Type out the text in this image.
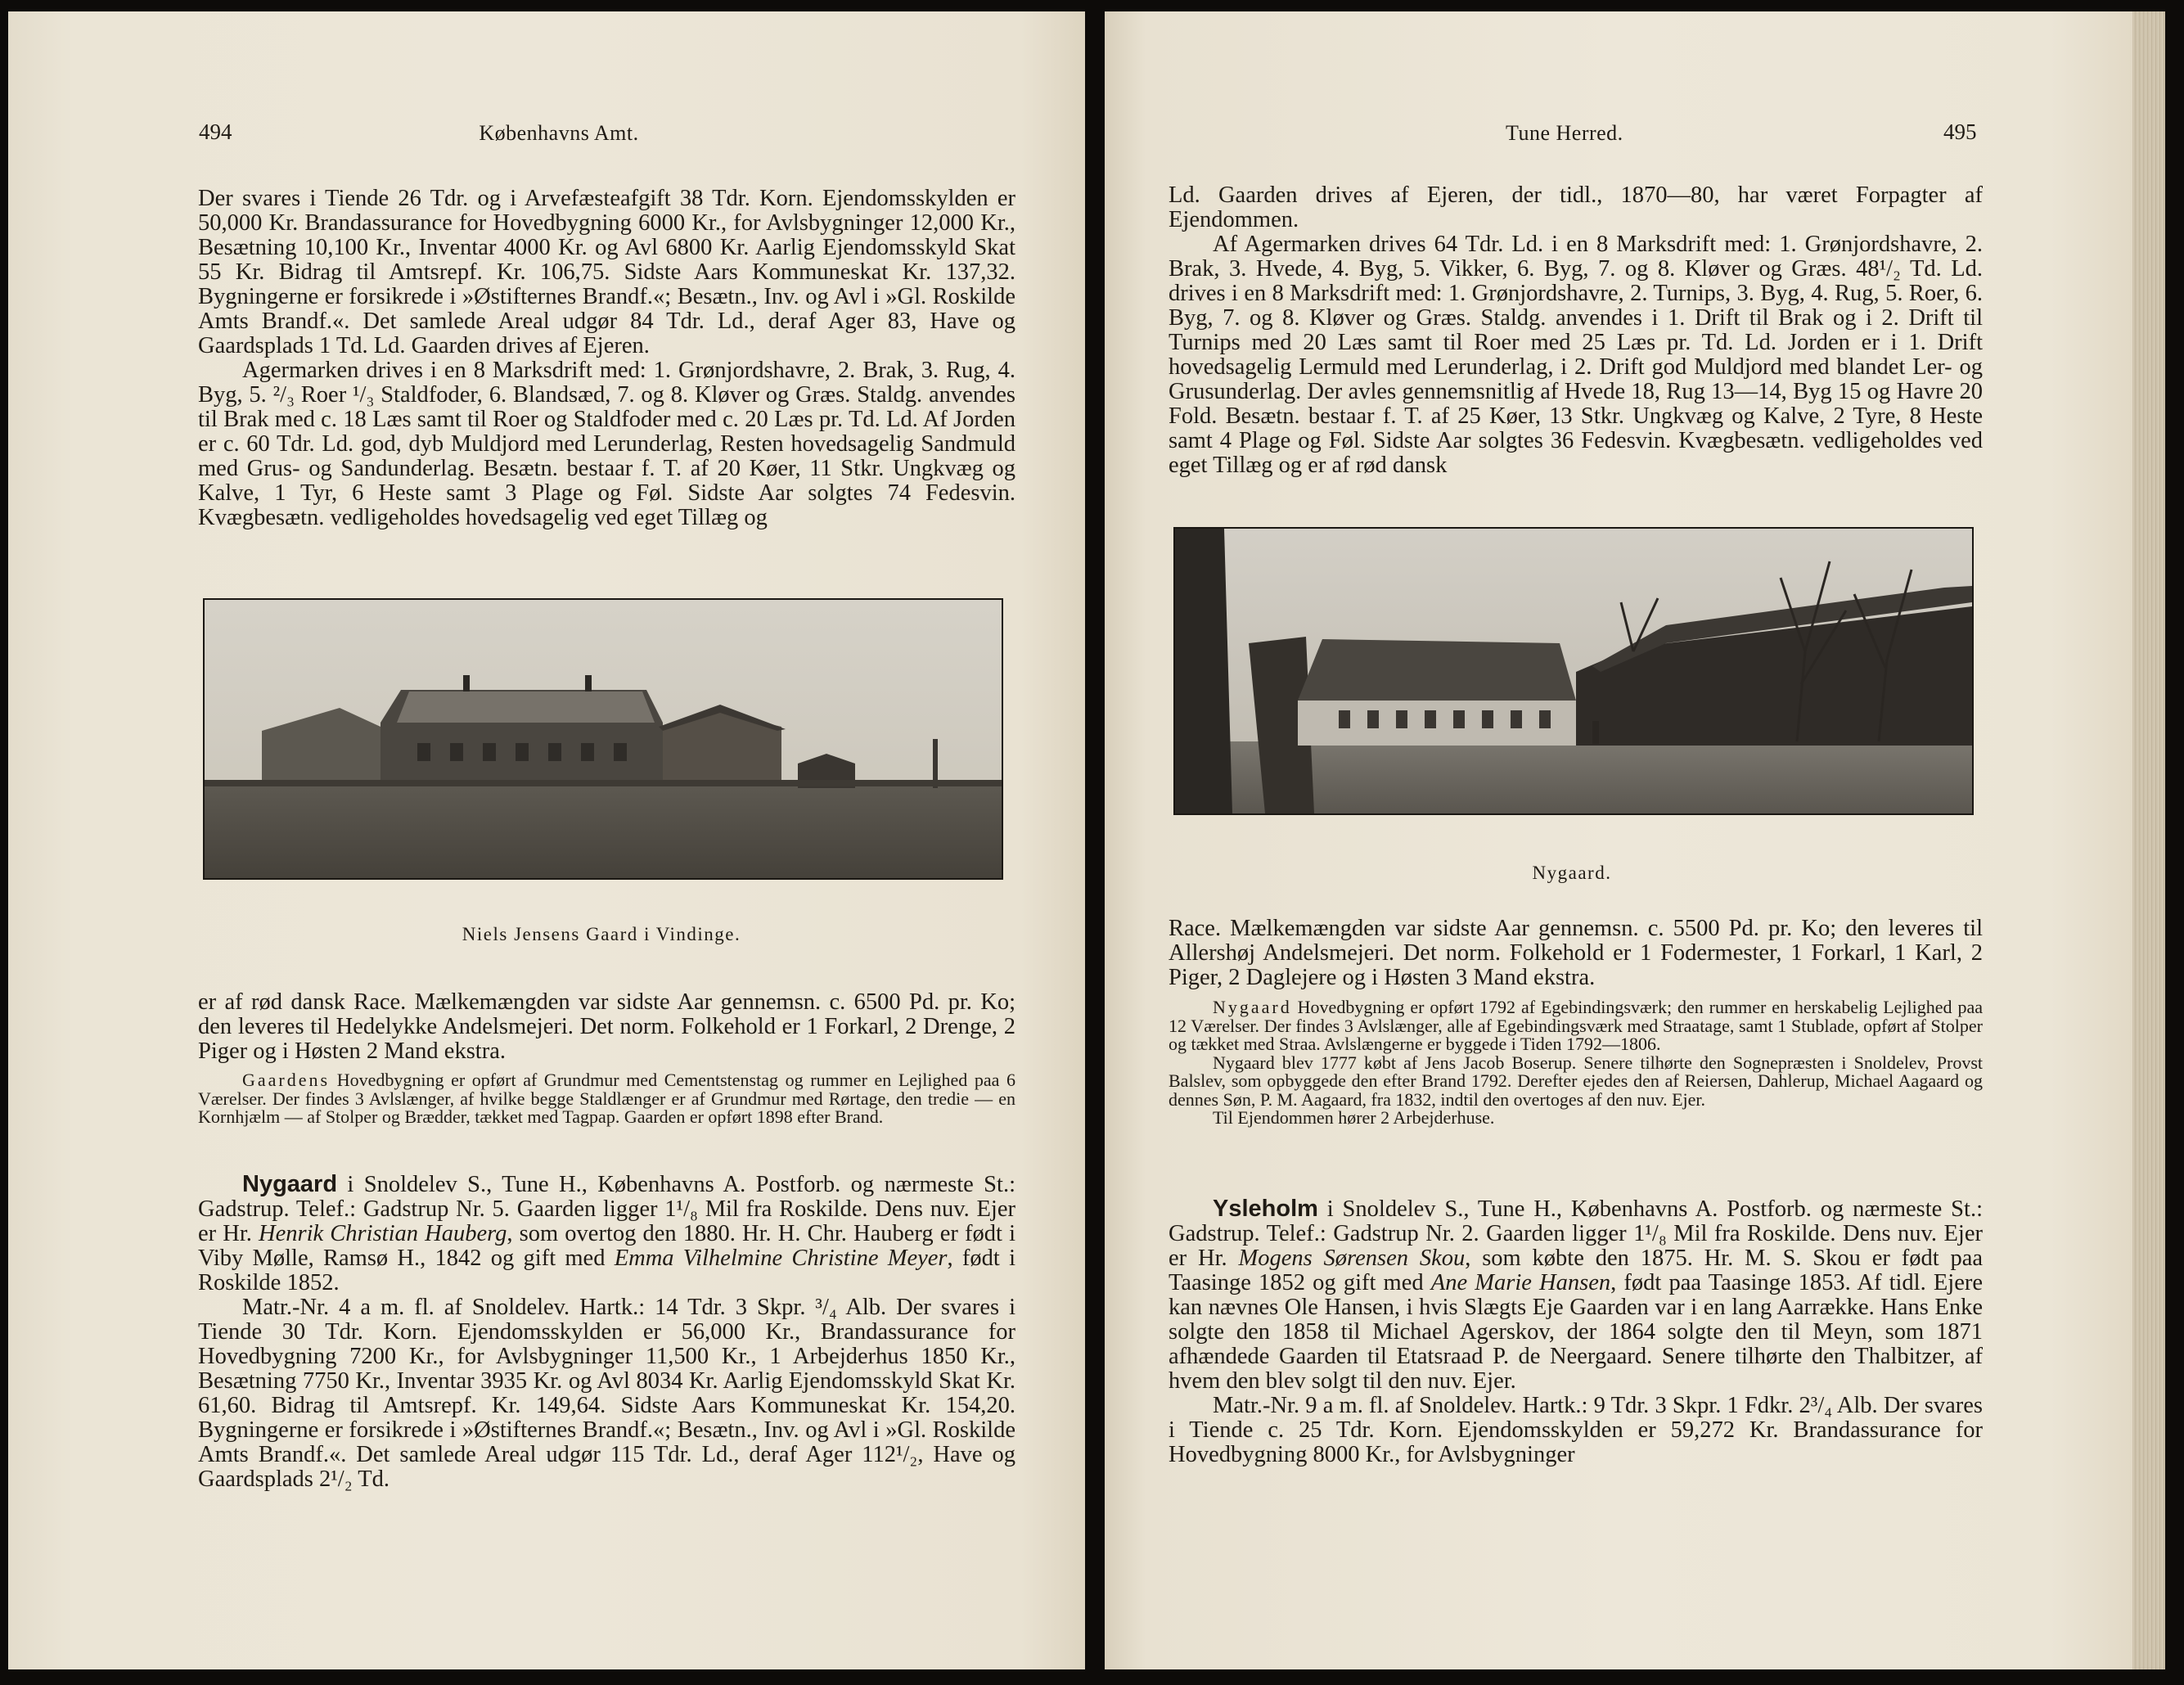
494	Københavns Amt.

Der svares i Tiende 26 Tdr. og i Arvefæsteafgift 38 Tdr. Korn. Ejendomsskylden er 50,000 Kr. Brandassurance for Hovedbygning 6000 Kr., for Avlsbygninger 12,000 Kr., Besætning 10,100 Kr., Inventar 4000 Kr. og Avl 6800 Kr. Aarlig Ejendomsskyld Skat 55 Kr. Bidrag til Amtsrepf. Kr. 106,75. Sidste Aars Kommuneskat Kr. 137,32. Bygningerne er forsikrede i »Østifternes Brandf.«; Besætn., Inv. og Avl i »Gl. Roskilde Amts Brandf.«. Det samlede Areal udgør 84 Tdr. Ld., deraf Ager 83, Have og Gaardsplads 1 Td. Ld. Gaarden drives af Ejeren.

Agermarken drives i en 8 Marksdrift med: 1. Grønjordshavre, 2. Brak, 3. Rug, 4. Byg, 5. ²/₃ Roer ¹/₃ Staldfoder, 6. Blandsæd, 7. og 8. Kløver og Græs. Staldg. anvendes til Brak med c. 18 Læs samt til Roer og Staldfoder med c. 20 Læs pr. Td. Ld. Af Jorden er c. 60 Tdr. Ld. god, dyb Muldjord med Lerunderlag, Resten hovedsagelig Sandmuld med Grus- og Sandunderlag. Besætn. bestaar f. T. af 20 Køer, 11 Stkr. Ungkvæg og Kalve, 1 Tyr, 6 Heste samt 3 Plage og Føl. Sidste Aar solgtes 74 Fedesvin. Kvægbesætn. vedligeholdes hovedsagelig ved eget Tillæg og

Niels Jensens Gaard i Vindinge.

er af rød dansk Race. Mælkemængden var sidste Aar gennemsn. c. 6500 Pd. pr. Ko; den leveres til Hedelykke Andelsmejeri. Det norm. Folkehold er 1 Forkarl, 2 Drenge, 2 Piger og i Høsten 2 Mand ekstra.

Gaardens Hovedbygning er opført af Grundmur med Cementstenstag og rummer en Lejlighed paa 6 Værelser. Der findes 3 Avlslænger, af hvilke begge Staldlænger er af Grundmur med Rørtage, den tredie — en Kornhjælm — af Stolper og Brædder, tækket med Tagpap. Gaarden er opført 1898 efter Brand.

Nygaard i Snoldelev S., Tune H., Københavns A. Postforb. og nærmeste St.: Gadstrup. Telef.: Gadstrup Nr. 5. Gaarden ligger 1¹/₈ Mil fra Roskilde. Dens nuv. Ejer er Hr. Henrik Christian Hauberg, som overtog den 1880. Hr. H. Chr. Hauberg er født i Viby Mølle, Ramsø H., 1842 og gift med Emma Vilhelmine Christine Meyer, født i Roskilde 1852.

Matr.-Nr. 4 a m. fl. af Snoldelev. Hartk.: 14 Tdr. 3 Skpr. ³/₄ Alb. Der svares i Tiende 30 Tdr. Korn. Ejendomsskylden er 56,000 Kr., Brandassurance for Hovedbygning 7200 Kr., for Avlsbygninger 11,500 Kr., 1 Arbejderhus 1850 Kr., Besætning 7750 Kr., Inventar 3935 Kr. og Avl 8034 Kr. Aarlig Ejendomsskyld Skat Kr. 61,60. Bidrag til Amtsrepf. Kr. 149,64. Sidste Aars Kommuneskat Kr. 154,20. Bygningerne er forsikrede i »Østifternes Brandf.«; Besætn., Inv. og Avl i »Gl. Roskilde Amts Brandf.«. Det samlede Areal udgør 115 Tdr. Ld., deraf Ager 112¹/₂, Have og Gaardsplads 2¹/₂ Td.

Tune Herred.	495

Ld. Gaarden drives af Ejeren, der tidl., 1870—80, har været Forpagter af Ejendommen.

Af Agermarken drives 64 Tdr. Ld. i en 8 Marksdrift med: 1. Grønjordshavre, 2. Brak, 3. Hvede, 4. Byg, 5. Vikker, 6. Byg, 7. og 8. Kløver og Græs. 48¹/₂ Td. Ld. drives i en 8 Marksdrift med: 1. Grønjordshavre, 2. Turnips, 3. Byg, 4. Rug, 5. Roer, 6. Byg, 7. og 8. Kløver og Græs. Staldg. anvendes i 1. Drift til Brak og i 2. Drift til Turnips med 20 Læs samt til Roer med 25 Læs pr. Td. Ld. Jorden er i 1. Drift hovedsagelig Lermuld med Lerunderlag, i 2. Drift god Muldjord med blandet Ler- og Grusunderlag. Der avles gennemsnitlig af Hvede 18, Rug 13—14, Byg 15 og Havre 20 Fold. Besætn. bestaar f. T. af 25 Køer, 13 Stkr. Ungkvæg og Kalve, 2 Tyre, 8 Heste samt 4 Plage og Føl. Sidste Aar solgtes 36 Fedesvin. Kvægbesætn. vedligeholdes ved eget Tillæg og er af rød dansk

Nygaard.

Race. Mælkemængden var sidste Aar gennemsn. c. 5500 Pd. pr. Ko; den leveres til Allershøj Andelsmejeri. Det norm. Folkehold er 1 Fodermester, 1 Forkarl, 1 Karl, 2 Piger, 2 Daglejere og i Høsten 3 Mand ekstra.

Nygaard Hovedbygning er opført 1792 af Egebindingsværk; den rummer en herskabelig Lejlighed paa 12 Værelser. Der findes 3 Avlslænger, alle af Egebindingsværk med Straatage, samt 1 Stublade, opført af Stolper og tækket med Straa. Avlslængerne er byggede i Tiden 1792—1806.

Nygaard blev 1777 købt af Jens Jacob Boserup. Senere tilhørte den Sognepræsten i Snoldelev, Provst Balslev, som opbyggede den efter Brand 1792. Derefter ejedes den af Reiersen, Dahlerup, Michael Aagaard og dennes Søn, P. M. Aagaard, fra 1832, indtil den overtoges af den nuv. Ejer.

Til Ejendommen hører 2 Arbejderhuse.

Ysleholm i Snoldelev S., Tune H., Københavns A. Postforb. og nærmeste St.: Gadstrup. Telef.: Gadstrup Nr. 2. Gaarden ligger 1¹/₈ Mil fra Roskilde. Dens nuv. Ejer er Hr. Mogens Sørensen Skou, som købte den 1875. Hr. M. S. Skou er født paa Taasinge 1852 og gift med Ane Marie Hansen, født paa Taasinge 1853. Af tidl. Ejere kan nævnes Ole Hansen, i hvis Slægts Eje Gaarden var i en lang Aarrække. Hans Enke solgte den 1858 til Michael Agerskov, der 1864 solgte den til Meyn, som 1871 afhændede Gaarden til Etatsraad P. de Neergaard. Senere tilhørte den Thalbitzer, af hvem den blev solgt til den nuv. Ejer.

Matr.-Nr. 9 a m. fl. af Snoldelev. Hartk.: 9 Tdr. 3 Skpr. 1 Fdkr. 2³/₄ Alb. Der svares i Tiende c. 25 Tdr. Korn. Ejendomsskylden er 59,272 Kr. Brandassurance for Hovedbygning 8000 Kr., for Avlsbygninger
